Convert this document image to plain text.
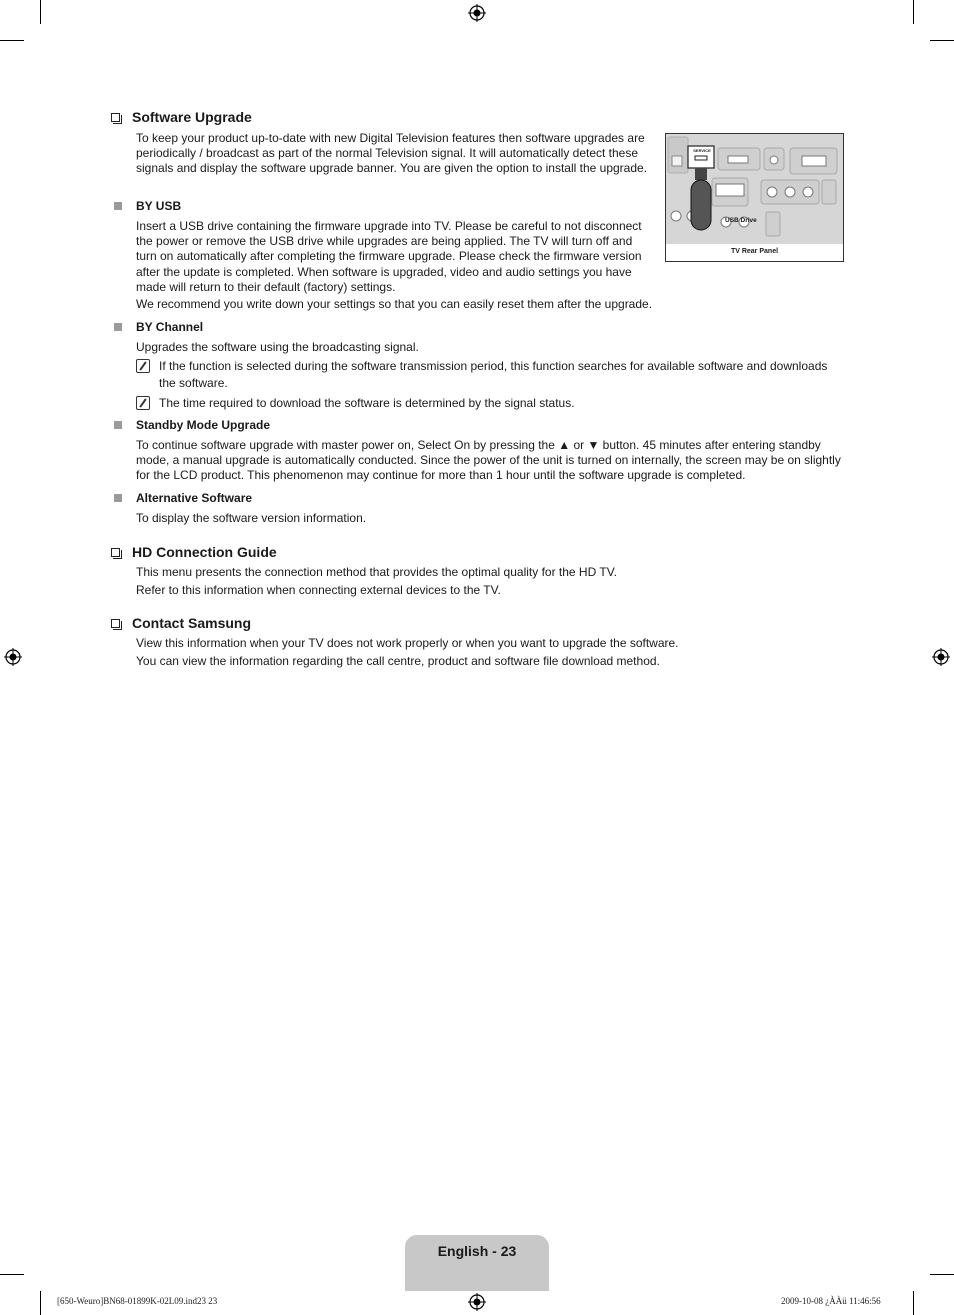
Software Upgrade
To keep your product up-to-date with new Digital Television features then software upgrades are periodically / broadcast as part of the normal Television signal. It will automatically detect these signals and display the software upgrade banner. You are given the option to install the upgrade.
BY USB
Insert a USB drive containing the firmware upgrade into TV. Please be careful to not disconnect the power or remove the USB drive while upgrades are being applied. The TV will turn off and turn on automatically after completing the firmware upgrade. Please check the firmware version after the update is completed. When software is upgraded, video and audio settings you have made will return to their default (factory) settings.
We recommend you write down your settings so that you can easily reset them after the upgrade.
SERVICE
USB Drive
TV Rear Panel
BY Channel
Upgrades the software using the broadcasting signal.
If the function is selected during the software transmission period, this function searches for available software and downloads the software.
The time required to download the software is determined by the signal status.
Standby Mode Upgrade
To continue software upgrade with master power on, Select On by pressing the ▲ or ▼ button. 45 minutes after entering standby mode, a manual upgrade is automatically conducted. Since the power of the unit is turned on internally, the screen may be on slightly for the LCD product. This phenomenon may continue for more than 1 hour until the software upgrade is completed.
Alternative Software
To display the software version information.
HD Connection Guide
This menu presents the connection method that provides the optimal quality for the HD TV.
Refer to this information when connecting external devices to the TV.
Contact Samsung
View this information when your TV does not work properly or when you want to upgrade the software.
You can view the information regarding the call centre, product and software file download method.
English - 23
[650-Weuro]BN68-01899K-02L09.ind23 23	2009-10-08 ¿ÀÀü 11:46:56
